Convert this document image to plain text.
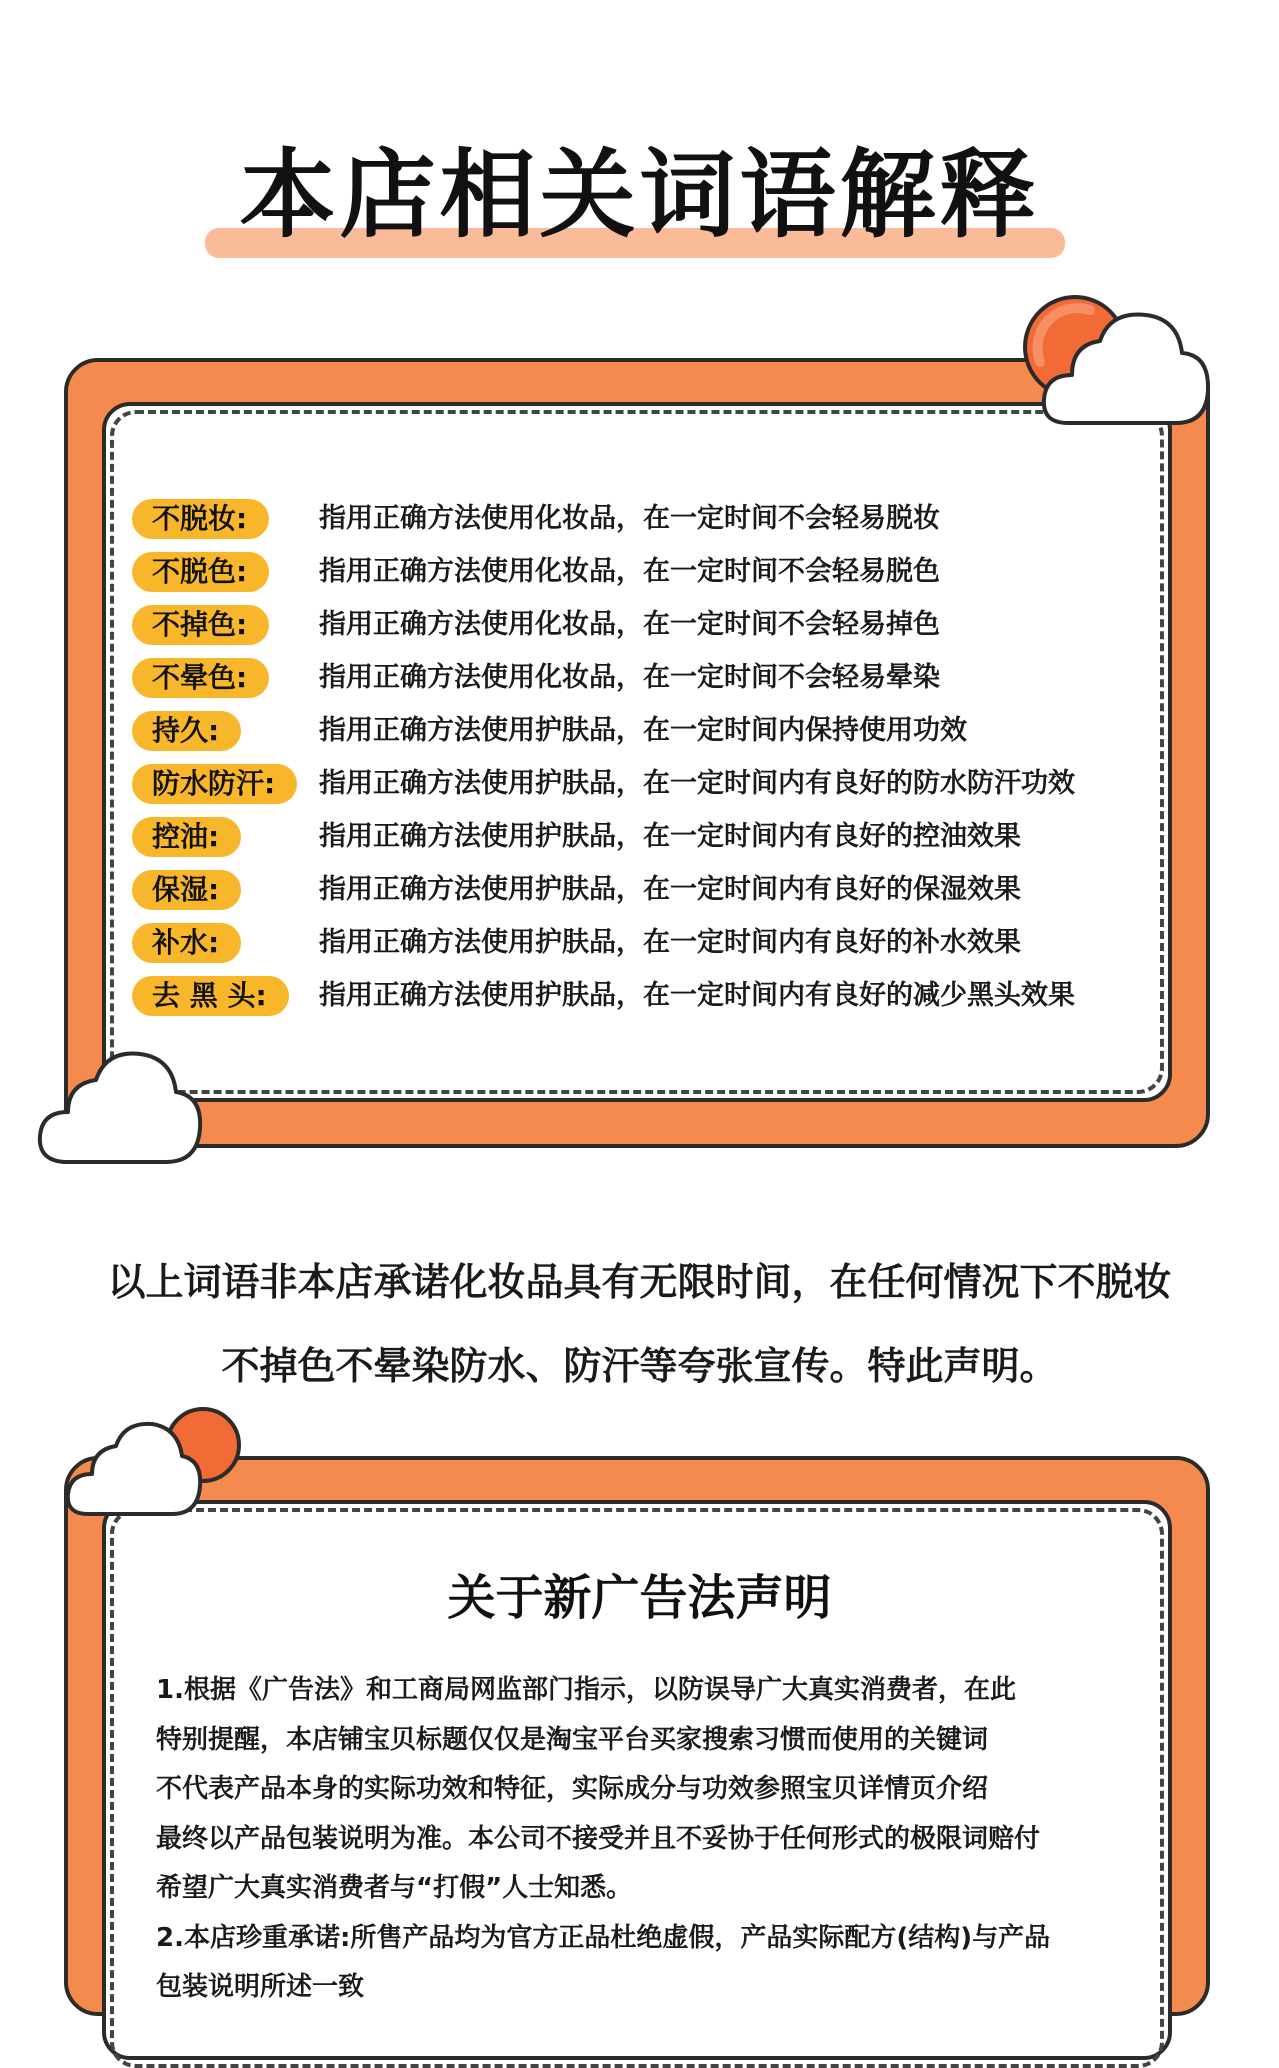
本店相关词语解释
不脱妆:	指用正确方法使用化妆品，在一定时间不会轻易脱妆
不脱色:	指用正确方法使用化妆品，在一定时间不会轻易脱色
不掉色:	指用正确方法使用化妆品，在一定时间不会轻易掉色
不晕色:	指用正确方法使用化妆品，在一定时间不会轻易晕染
持久:	指用正确方法使用护肤品，在一定时间内保持使用功效
防水防汗:	指用正确方法使用护肤品，在一定时间内有良好的防水防汗功效
控油:	指用正确方法使用护肤品，在一定时间内有良好的控油效果
保湿:	指用正确方法使用护肤品，在一定时间内有良好的保湿效果
补水:	指用正确方法使用护肤品，在一定时间内有良好的补水效果
去 黑 头:	指用正确方法使用护肤品，在一定时间内有良好的减少黑头效果
以上词语非本店承诺化妆品具有无限时间，在任何情况下不脱妆
不掉色不晕染防水、防汗等夸张宣传。特此声明。
关于新广告法声明
1.根据《广告法》和工商局网监部门指示，以防误导广大真实消费者，在此
特别提醒，本店铺宝贝标题仅仅是淘宝平台买家搜索习惯而使用的关键词
不代表产品本身的实际功效和特征，实际成分与功效参照宝贝详情页介绍
最终以产品包装说明为准。本公司不接受并且不妥协于任何形式的极限词赔付
希望广大真实消费者与“打假”人士知悉。
2.本店珍重承诺:所售产品均为官方正品杜绝虚假，产品实际配方(结构)与产品
包装说明所述一致
